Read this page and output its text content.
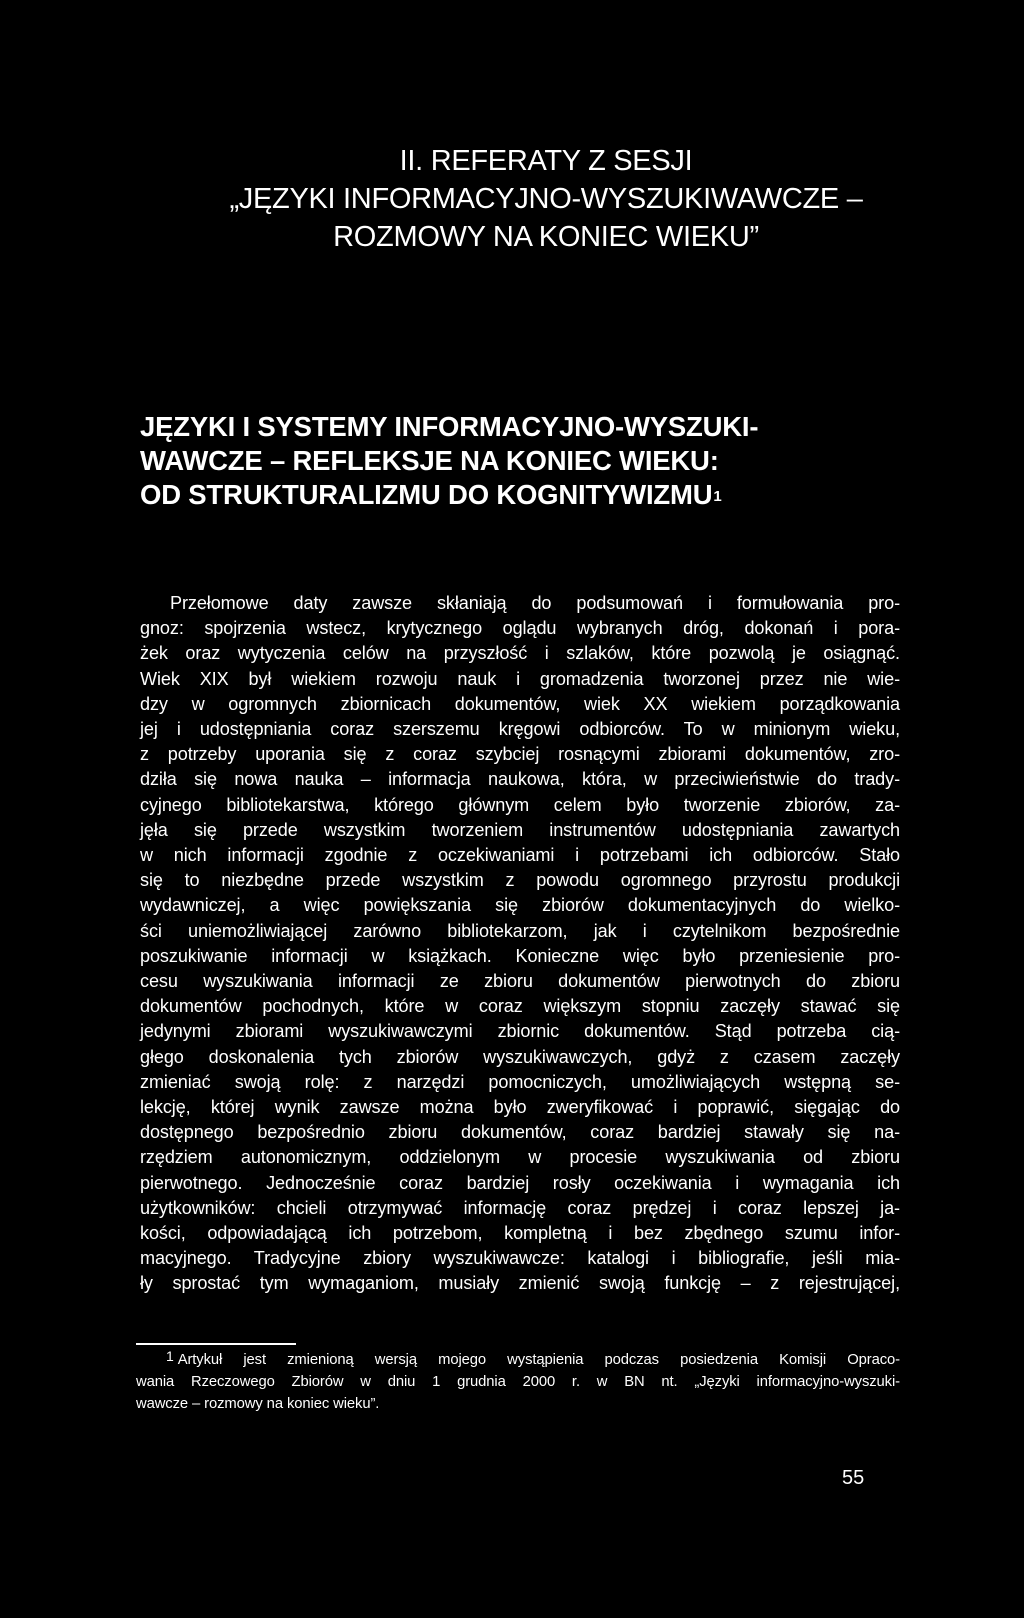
II. REFERATY Z SESJI
„JĘZYKI INFORMACYJNO-WYSZUKIWAWCZE –
ROZMOWY NA KONIEC WIEKU”
JĘZYKI I SYSTEMY INFORMACYJNO-WYSZUKI-
WAWCZE – REFLEKSJE NA KONIEC WIEKU:
OD STRUKTURALIZMU DO KOGNITYWIZMU$^1$
Przełomowe daty zawsze skłaniają do podsumowań i formułowania pro-
gnoz: spojrzenia wstecz, krytycznego oglądu wybranych dróg, dokonań i pora-
żek oraz wytyczenia celów na przyszłość i szlaków, które pozwolą je osiągnąć.
Wiek XIX był wiekiem rozwoju nauk i gromadzenia tworzonej przez nie wie-
dzy w ogromnych zbiornicach dokumentów, wiek XX wiekiem porządkowania
jej i udostępniania coraz szerszemu kręgowi odbiorców. To w minionym wieku,
z potrzeby uporania się z coraz szybciej rosnącymi zbiorami dokumentów, zro-
dziła się nowa nauka – informacja naukowa, która, w przeciwieństwie do trady-
cyjnego bibliotekarstwa, którego głównym celem było tworzenie zbiorów, za-
jęła się przede wszystkim tworzeniem instrumentów udostępniania zawartych
w nich informacji zgodnie z oczekiwaniami i potrzebami ich odbiorców. Stało
się to niezbędne przede wszystkim z powodu ogromnego przyrostu produkcji
wydawniczej, a więc powiększania się zbiorów dokumentacyjnych do wielko-
ści uniemożliwiającej zarówno bibliotekarzom, jak i czytelnikom bezpośrednie
poszukiwanie informacji w książkach. Konieczne więc było przeniesienie pro-
cesu wyszukiwania informacji ze zbioru dokumentów pierwotnych do zbioru
dokumentów pochodnych, które w coraz większym stopniu zaczęły stawać się
jedynymi zbiorami wyszukiwawczymi zbiornic dokumentów. Stąd potrzeba cią-
głego doskonalenia tych zbiorów wyszukiwawczych, gdyż z czasem zaczęły
zmieniać swoją rolę: z narzędzi pomocniczych, umożliwiających wstępną se-
lekcję, której wynik zawsze można było zweryfikować i poprawić, sięgając do
dostępnego bezpośrednio zbioru dokumentów, coraz bardziej stawały się na-
rzędziem autonomicznym, oddzielonym w procesie wyszukiwania od zbioru
pierwotnego. Jednocześnie coraz bardziej rosły oczekiwania i wymagania ich
użytkowników: chcieli otrzymywać informację coraz prędzej i coraz lepszej ja-
kości, odpowiadającą ich potrzebom, kompletną i bez zbędnego szumu infor-
macyjnego. Tradycyjne zbiory wyszukiwawcze: katalogi i bibliografie, jeśli mia-
ły sprostać tym wymaganiom, musiały zmienić swoją funkcję – z rejestrującej,
1 Artykuł jest zmienioną wersją mojego wystąpienia podczas posiedzenia Komisji Opraco-
wania Rzeczowego Zbiorów w dniu 1 grudnia 2000 r. w BN nt. „Języki informacyjno-wyszuki-
wawcze – rozmowy na koniec wieku”.
55
